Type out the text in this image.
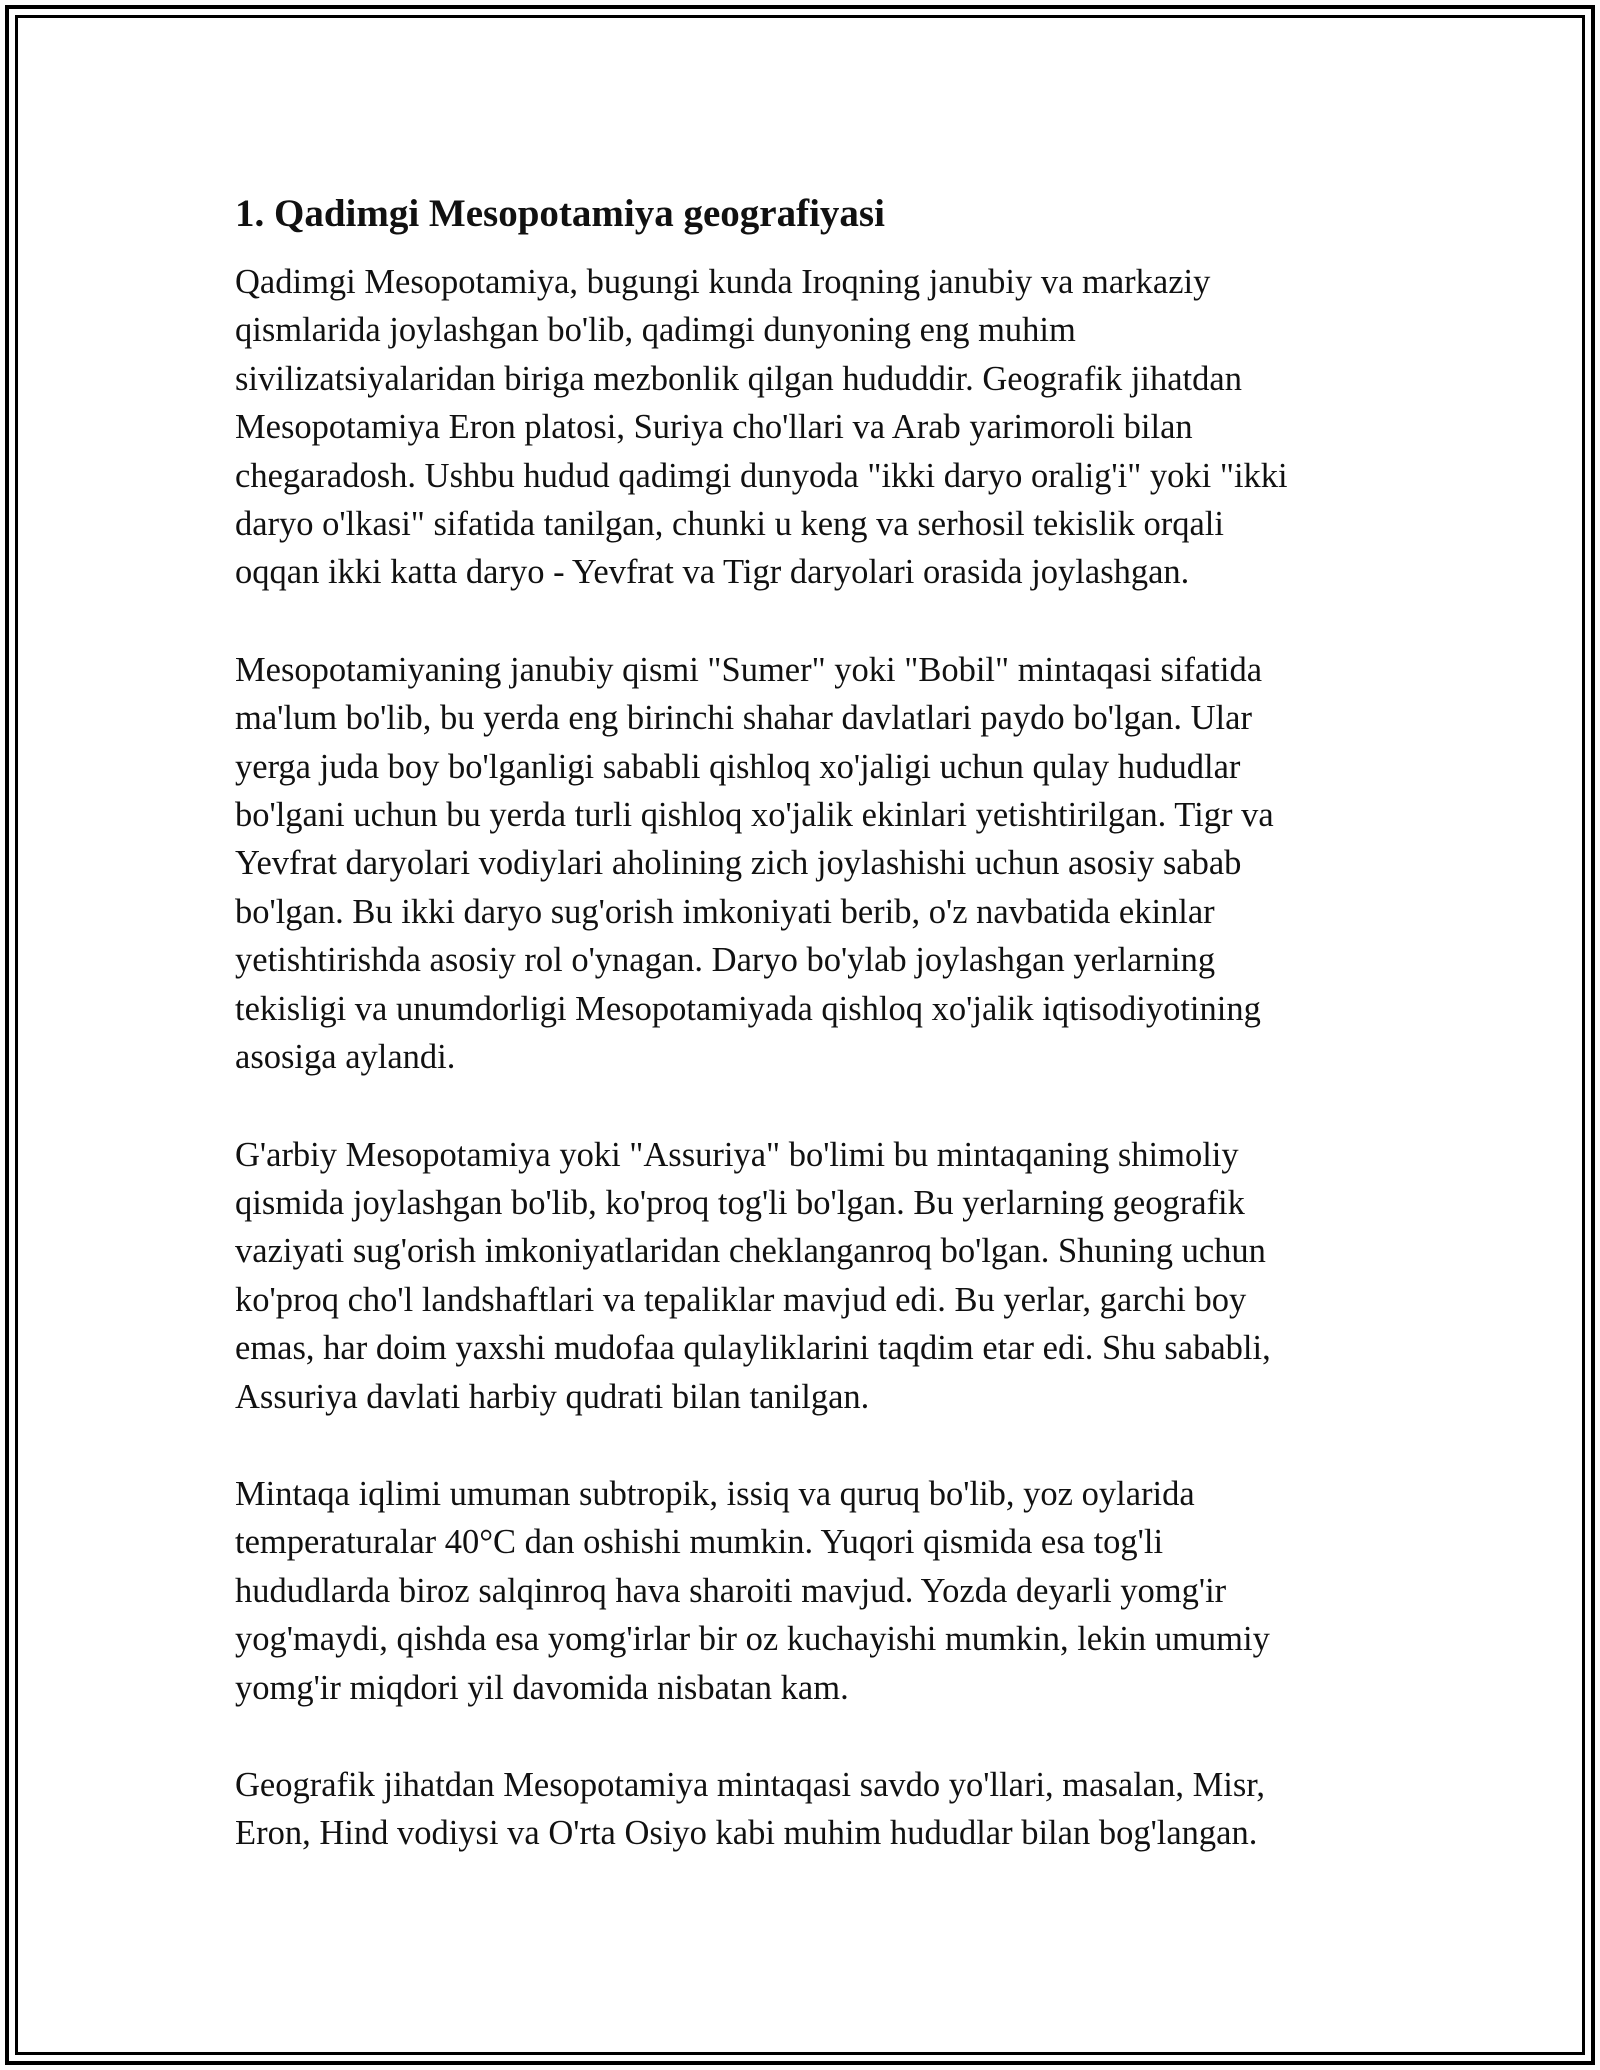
1. Qadimgi Mesopotamiya geografiyasi

Qadimgi Mesopotamiya, bugungi kunda Iroqning janubiy va markaziy
qismlarida joylashgan bo'lib, qadimgi dunyoning eng muhim
sivilizatsiyalaridan biriga mezbonlik qilgan hududdir. Geografik jihatdan
Mesopotamiya Eron platosi, Suriya cho'llari va Arab yarimoroli bilan
chegaradosh. Ushbu hudud qadimgi dunyoda "ikki daryo oralig'i" yoki "ikki
daryo o'lkasi" sifatida tanilgan, chunki u keng va serhosil tekislik orqali
oqqan ikki katta daryo - Yevfrat va Tigr daryolari orasida joylashgan.

Mesopotamiyaning janubiy qismi "Sumer" yoki "Bobil" mintaqasi sifatida
ma'lum bo'lib, bu yerda eng birinchi shahar davlatlari paydo bo'lgan. Ular
yerga juda boy bo'lganligi sababli qishloq xo'jaligi uchun qulay hududlar
bo'lgani uchun bu yerda turli qishloq xo'jalik ekinlari yetishtirilgan. Tigr va
Yevfrat daryolari vodiylari aholining zich joylashishi uchun asosiy sabab
bo'lgan. Bu ikki daryo sug'orish imkoniyati berib, o'z navbatida ekinlar
yetishtirishda asosiy rol o'ynagan. Daryo bo'ylab joylashgan yerlarning
tekisligi va unumdorligi Mesopotamiyada qishloq xo'jalik iqtisodiyotining
asosiga aylandi.

G'arbiy Mesopotamiya yoki "Assuriya" bo'limi bu mintaqaning shimoliy
qismida joylashgan bo'lib, ko'proq tog'li bo'lgan. Bu yerlarning geografik
vaziyati sug'orish imkoniyatlaridan cheklanganroq bo'lgan. Shuning uchun
ko'proq cho'l landshaftlari va tepaliklar mavjud edi. Bu yerlar, garchi boy
emas, har doim yaxshi mudofaa qulayliklarini taqdim etar edi. Shu sababli,
Assuriya davlati harbiy qudrati bilan tanilgan.

Mintaqa iqlimi umuman subtropik, issiq va quruq bo'lib, yoz oylarida
temperaturalar 40°C dan oshishi mumkin. Yuqori qismida esa tog'li
hududlarda biroz salqinroq hava sharoiti mavjud. Yozda deyarli yomg'ir
yog'maydi, qishda esa yomg'irlar bir oz kuchayishi mumkin, lekin umumiy
yomg'ir miqdori yil davomida nisbatan kam.

Geografik jihatdan Mesopotamiya mintaqasi savdo yo'llari, masalan, Misr,
Eron, Hind vodiysi va O'rta Osiyo kabi muhim hududlar bilan bog'langan.
